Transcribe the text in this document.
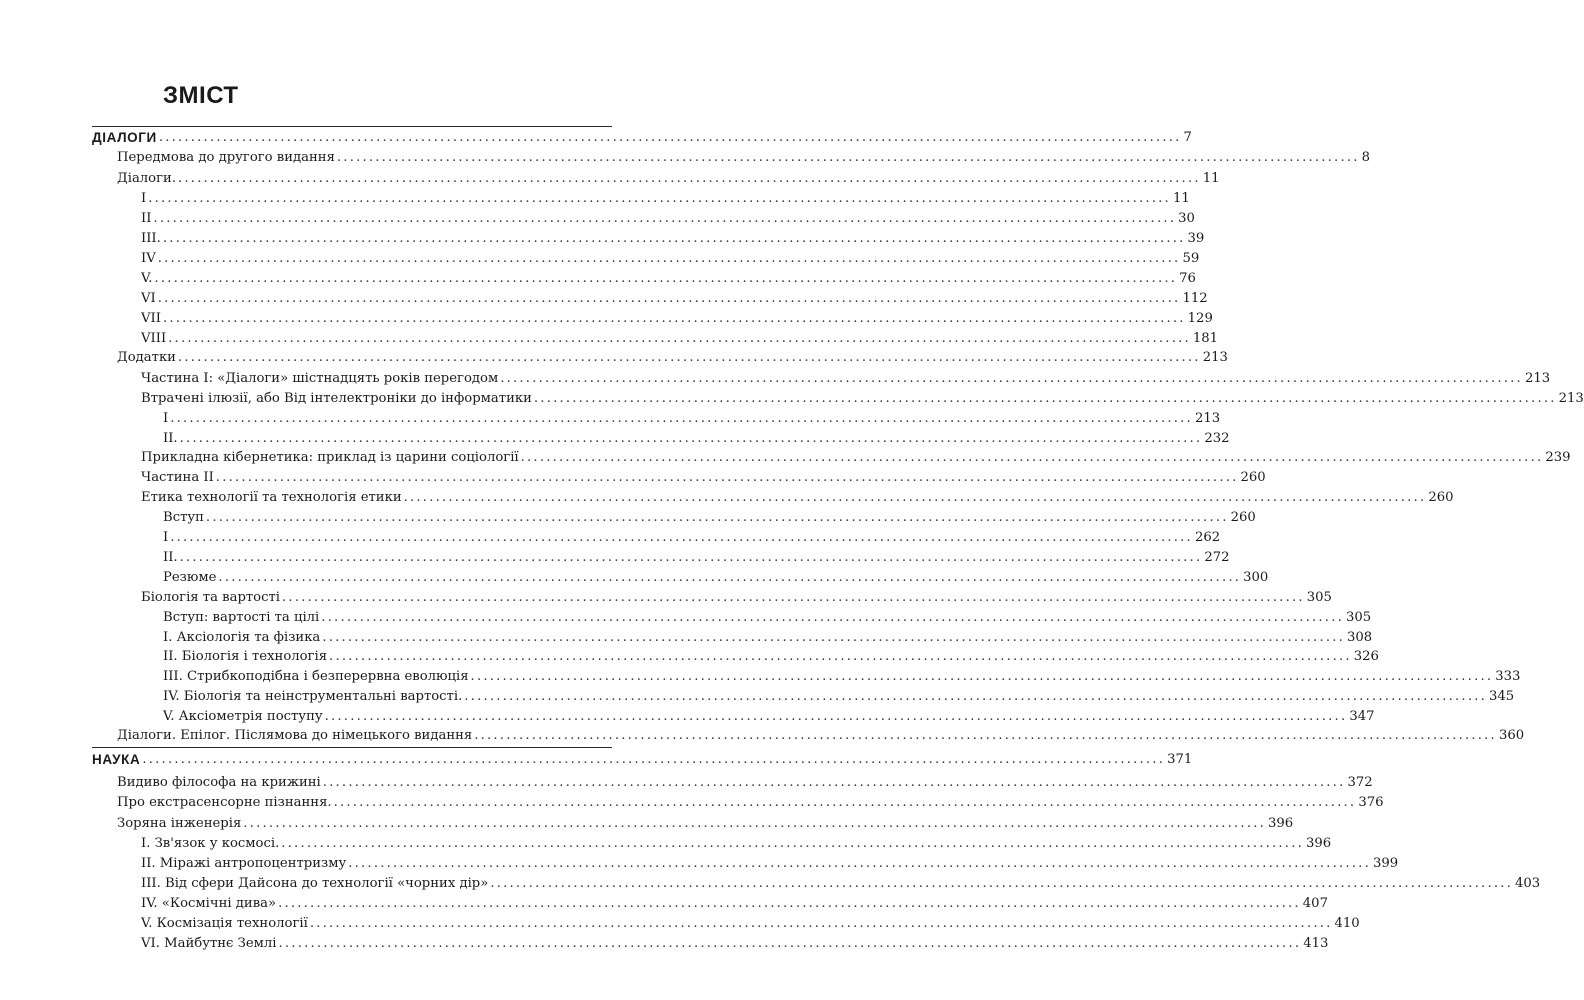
ЗМІСТ
ДІАЛОГИ ................................................................................................................................................................ 7
Передмова до другого видання ................................................................................................................................................................ 8
Діалоги. ................................................................................................................................................................ 11
I ................................................................................................................................................................ 11
II ................................................................................................................................................................ 30
III. ................................................................................................................................................................ 39
IV ................................................................................................................................................................ 59
V. ................................................................................................................................................................ 76
VI ................................................................................................................................................................ 112
VII ................................................................................................................................................................ 129
VIII ................................................................................................................................................................ 181
Додатки ................................................................................................................................................................ 213
Частина I: «Діалоги» шістнадцять років перегодом ................................................................................................................................................................ 213
Втрачені ілюзії, або Від інтелектроніки до інформатики ................................................................................................................................................................ 213
I ................................................................................................................................................................ 213
II. ................................................................................................................................................................ 232
Прикладна кібернетика: приклад із царини соціології ................................................................................................................................................................ 239
Частина II ................................................................................................................................................................ 260
Етика технології та технологія етики ................................................................................................................................................................ 260
Вступ ................................................................................................................................................................ 260
I ................................................................................................................................................................ 262
II. ................................................................................................................................................................ 272
Резюме ................................................................................................................................................................ 300
Біологія та вартості ................................................................................................................................................................ 305
Вступ: вартості та цілі ................................................................................................................................................................ 305
I. Аксіологія та фізика ................................................................................................................................................................ 308
II. Біологія і технологія ................................................................................................................................................................ 326
III. Стрибкоподібна і безперервна еволюція ................................................................................................................................................................ 333
IV. Біологія та неінструментальні вартості. ................................................................................................................................................................ 345
V. Аксіометрія поступу ................................................................................................................................................................ 347
Діалоги. Епілог. Післямова до німецького видання ................................................................................................................................................................ 360
НАУКА ................................................................................................................................................................ 371
Видиво філософа на крижині ................................................................................................................................................................ 372
Про екстрасенсорне пізнання. ................................................................................................................................................................ 376
Зоряна інженерія ................................................................................................................................................................ 396
I. Зв'язок у космосі. ................................................................................................................................................................ 396
II. Міражі антропоцентризму ................................................................................................................................................................ 399
III. Від сфери Дайсона до технології «чорних дір» ................................................................................................................................................................ 403
IV. «Космічні дива» ................................................................................................................................................................ 407
V. Космізація технології ................................................................................................................................................................ 410
VI. Майбутнє Землі ................................................................................................................................................................ 413
